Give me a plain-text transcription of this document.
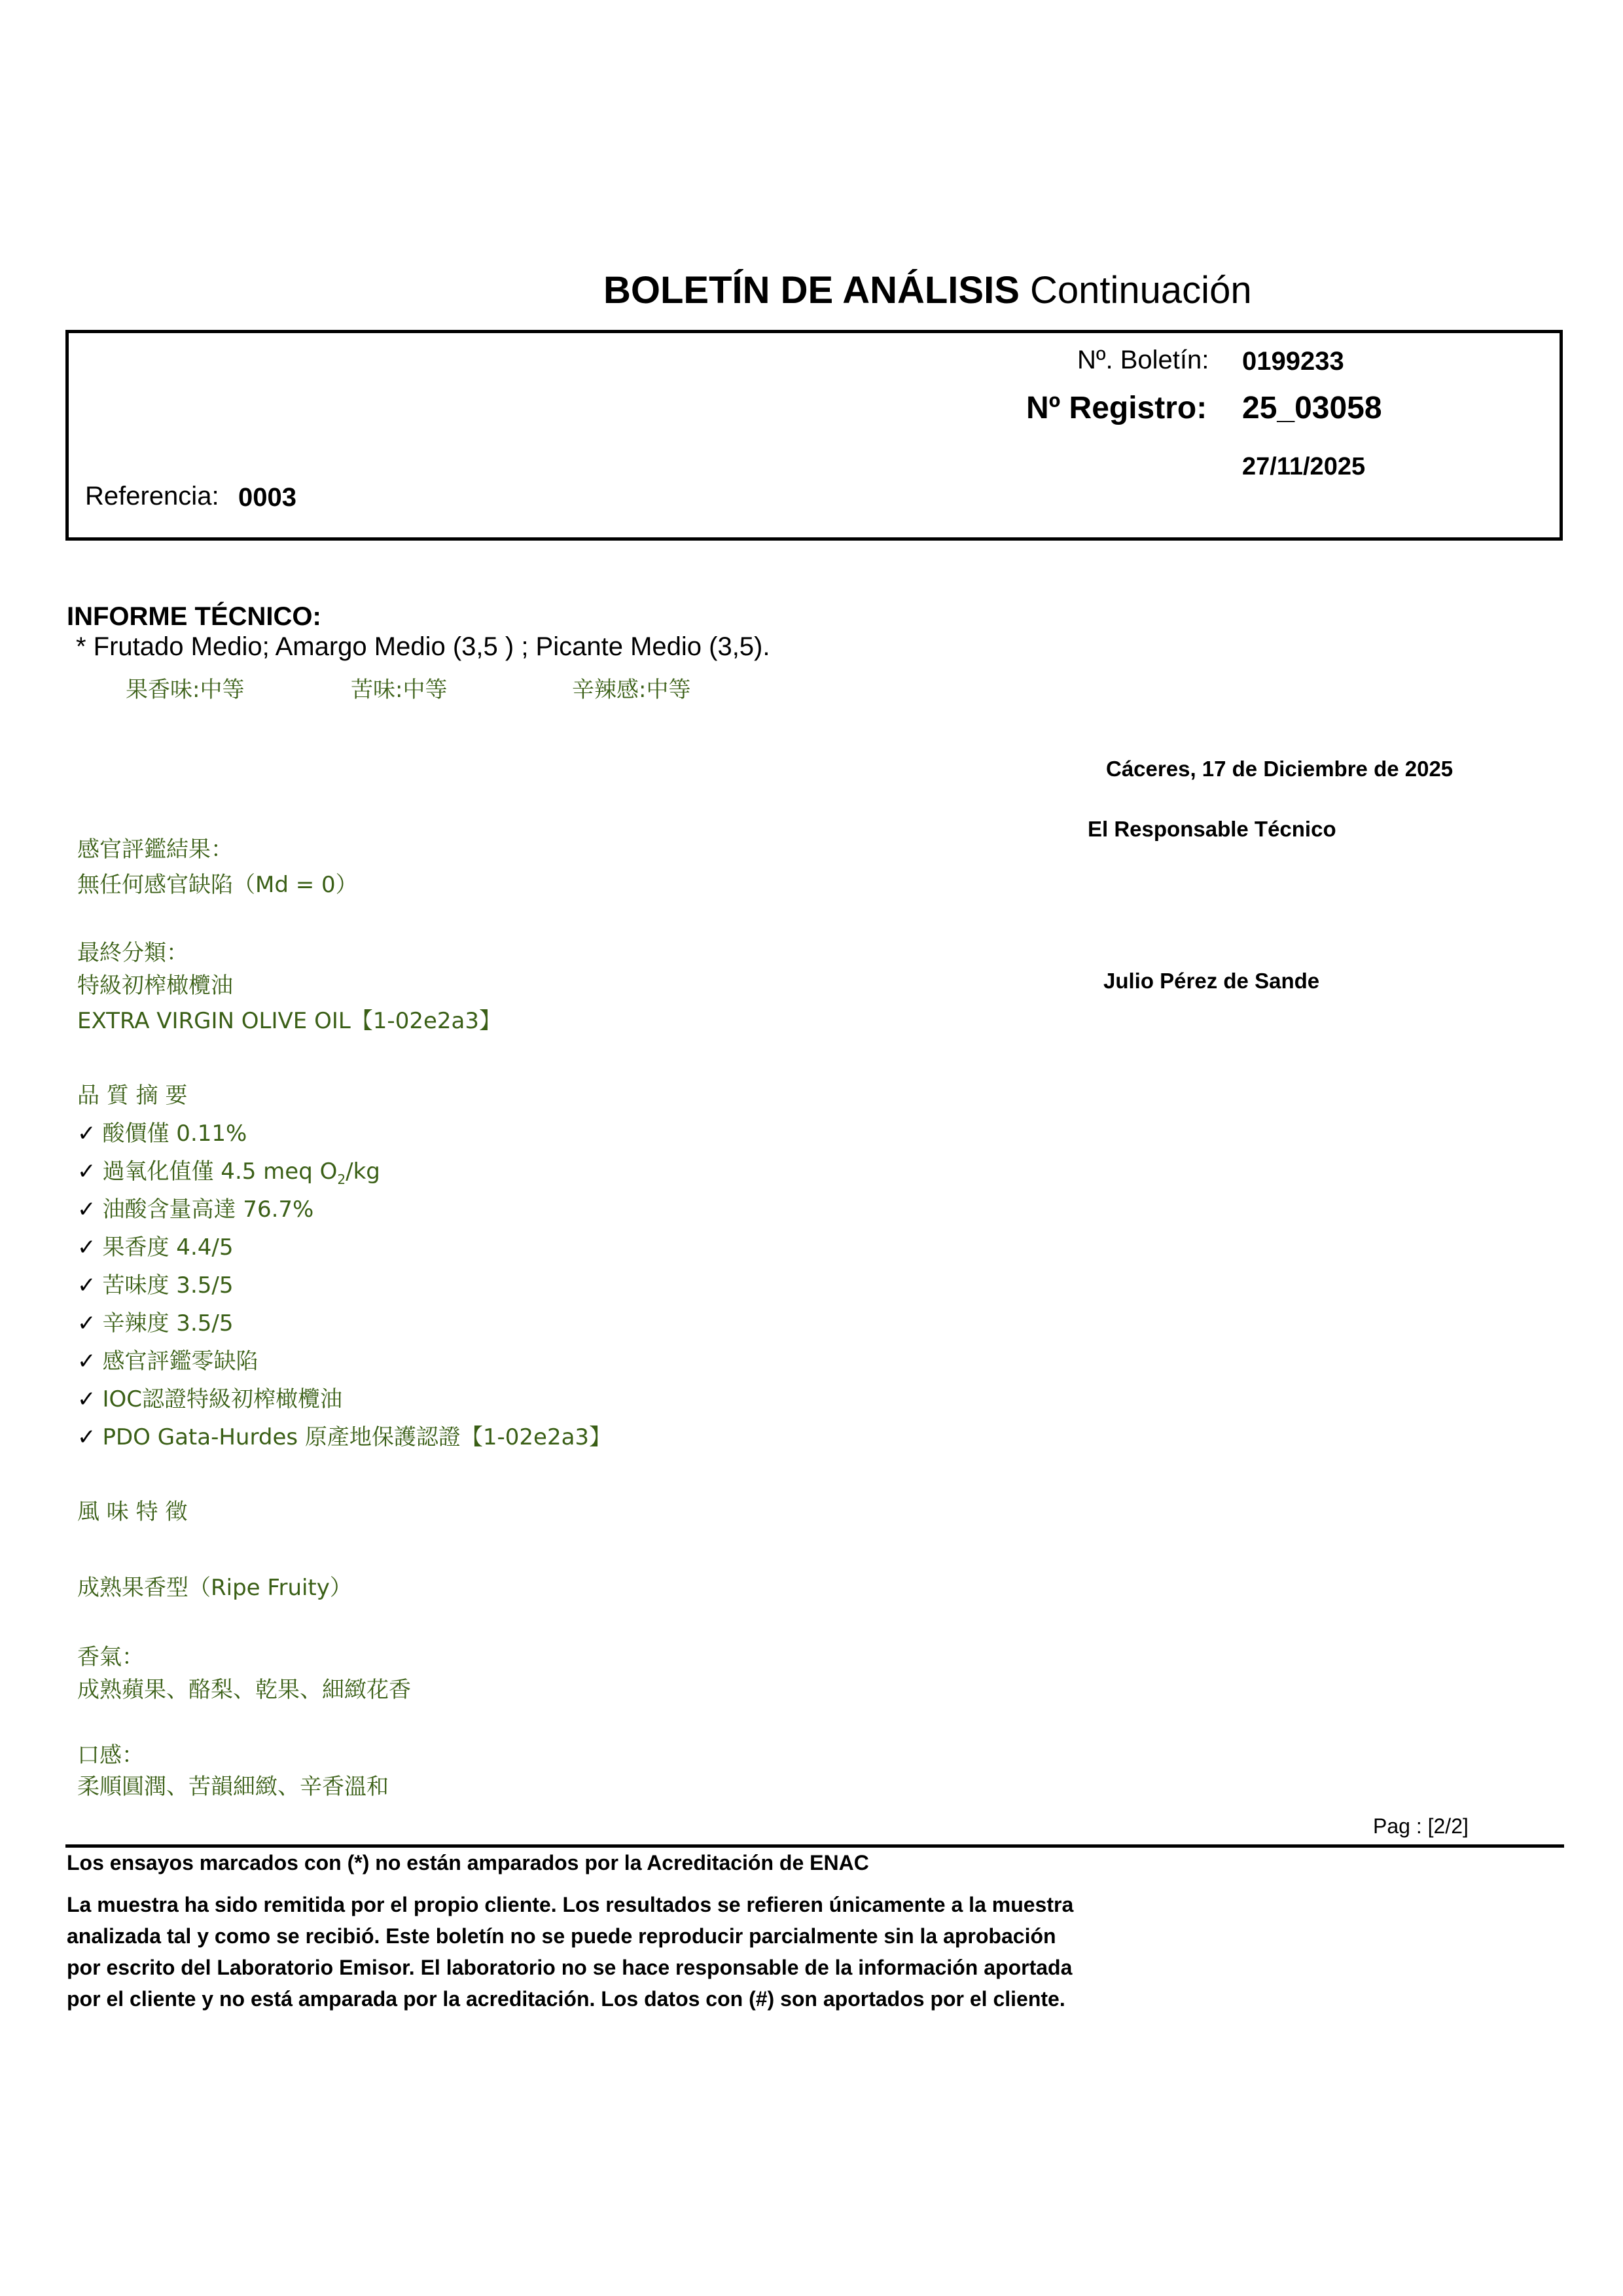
BOLETÍN DE ANÁLISIS Continuación
Nº. Boletín: 0199233
Nº Registro: 25_03058
27/11/2025
Referencia: 0003
INFORME TÉCNICO:
* Frutado Medio; Amargo Medio (3,5 ) ; Picante Medio (3,5).
果香味:中等	苦味:中等	辛辣感:中等
Cáceres, 17 de Diciembre de 2025
El Responsable Técnico
Julio Pérez de Sande
感官評鑑結果：
無任何感官缺陷（Md = 0）
最終分類：
特級初榨橄欖油
EXTRA VIRGIN OLIVE OIL【1-02e2a3】
品 質 摘 要
✓ 酸價僅 0.11%
✓ 過氧化值僅 4.5 meq $O_2/kg$
✓ 油酸含量高達 76.7%
✓ 果香度 4.4/5
✓ 苦味度 3.5/5
✓ 辛辣度 3.5/5
✓ 感官評鑑零缺陷
✓ IOC認證特級初榨橄欖油
✓ PDO Gata-Hurdes 原產地保護認證【1-02e2a3】
風 味 特 徵
成熟果香型（Ripe Fruity）
香氣：
成熟蘋果、酪梨、乾果、細緻花香
口感：
柔順圓潤、苦韻細緻、辛香溫和
Pag : [2/2]
Los ensayos marcados con (*) no están amparados por la Acreditación de ENAC
La muestra ha sido remitida por el propio cliente. Los resultados se refieren únicamente a la muestra
analizada tal y como se recibió. Este boletín no se puede reproducir parcialmente sin la aprobación
por escrito del Laboratorio Emisor. El laboratorio no se hace responsable de la información aportada
por el cliente y no está amparada por la acreditación. Los datos con (#) son aportados por el cliente.
